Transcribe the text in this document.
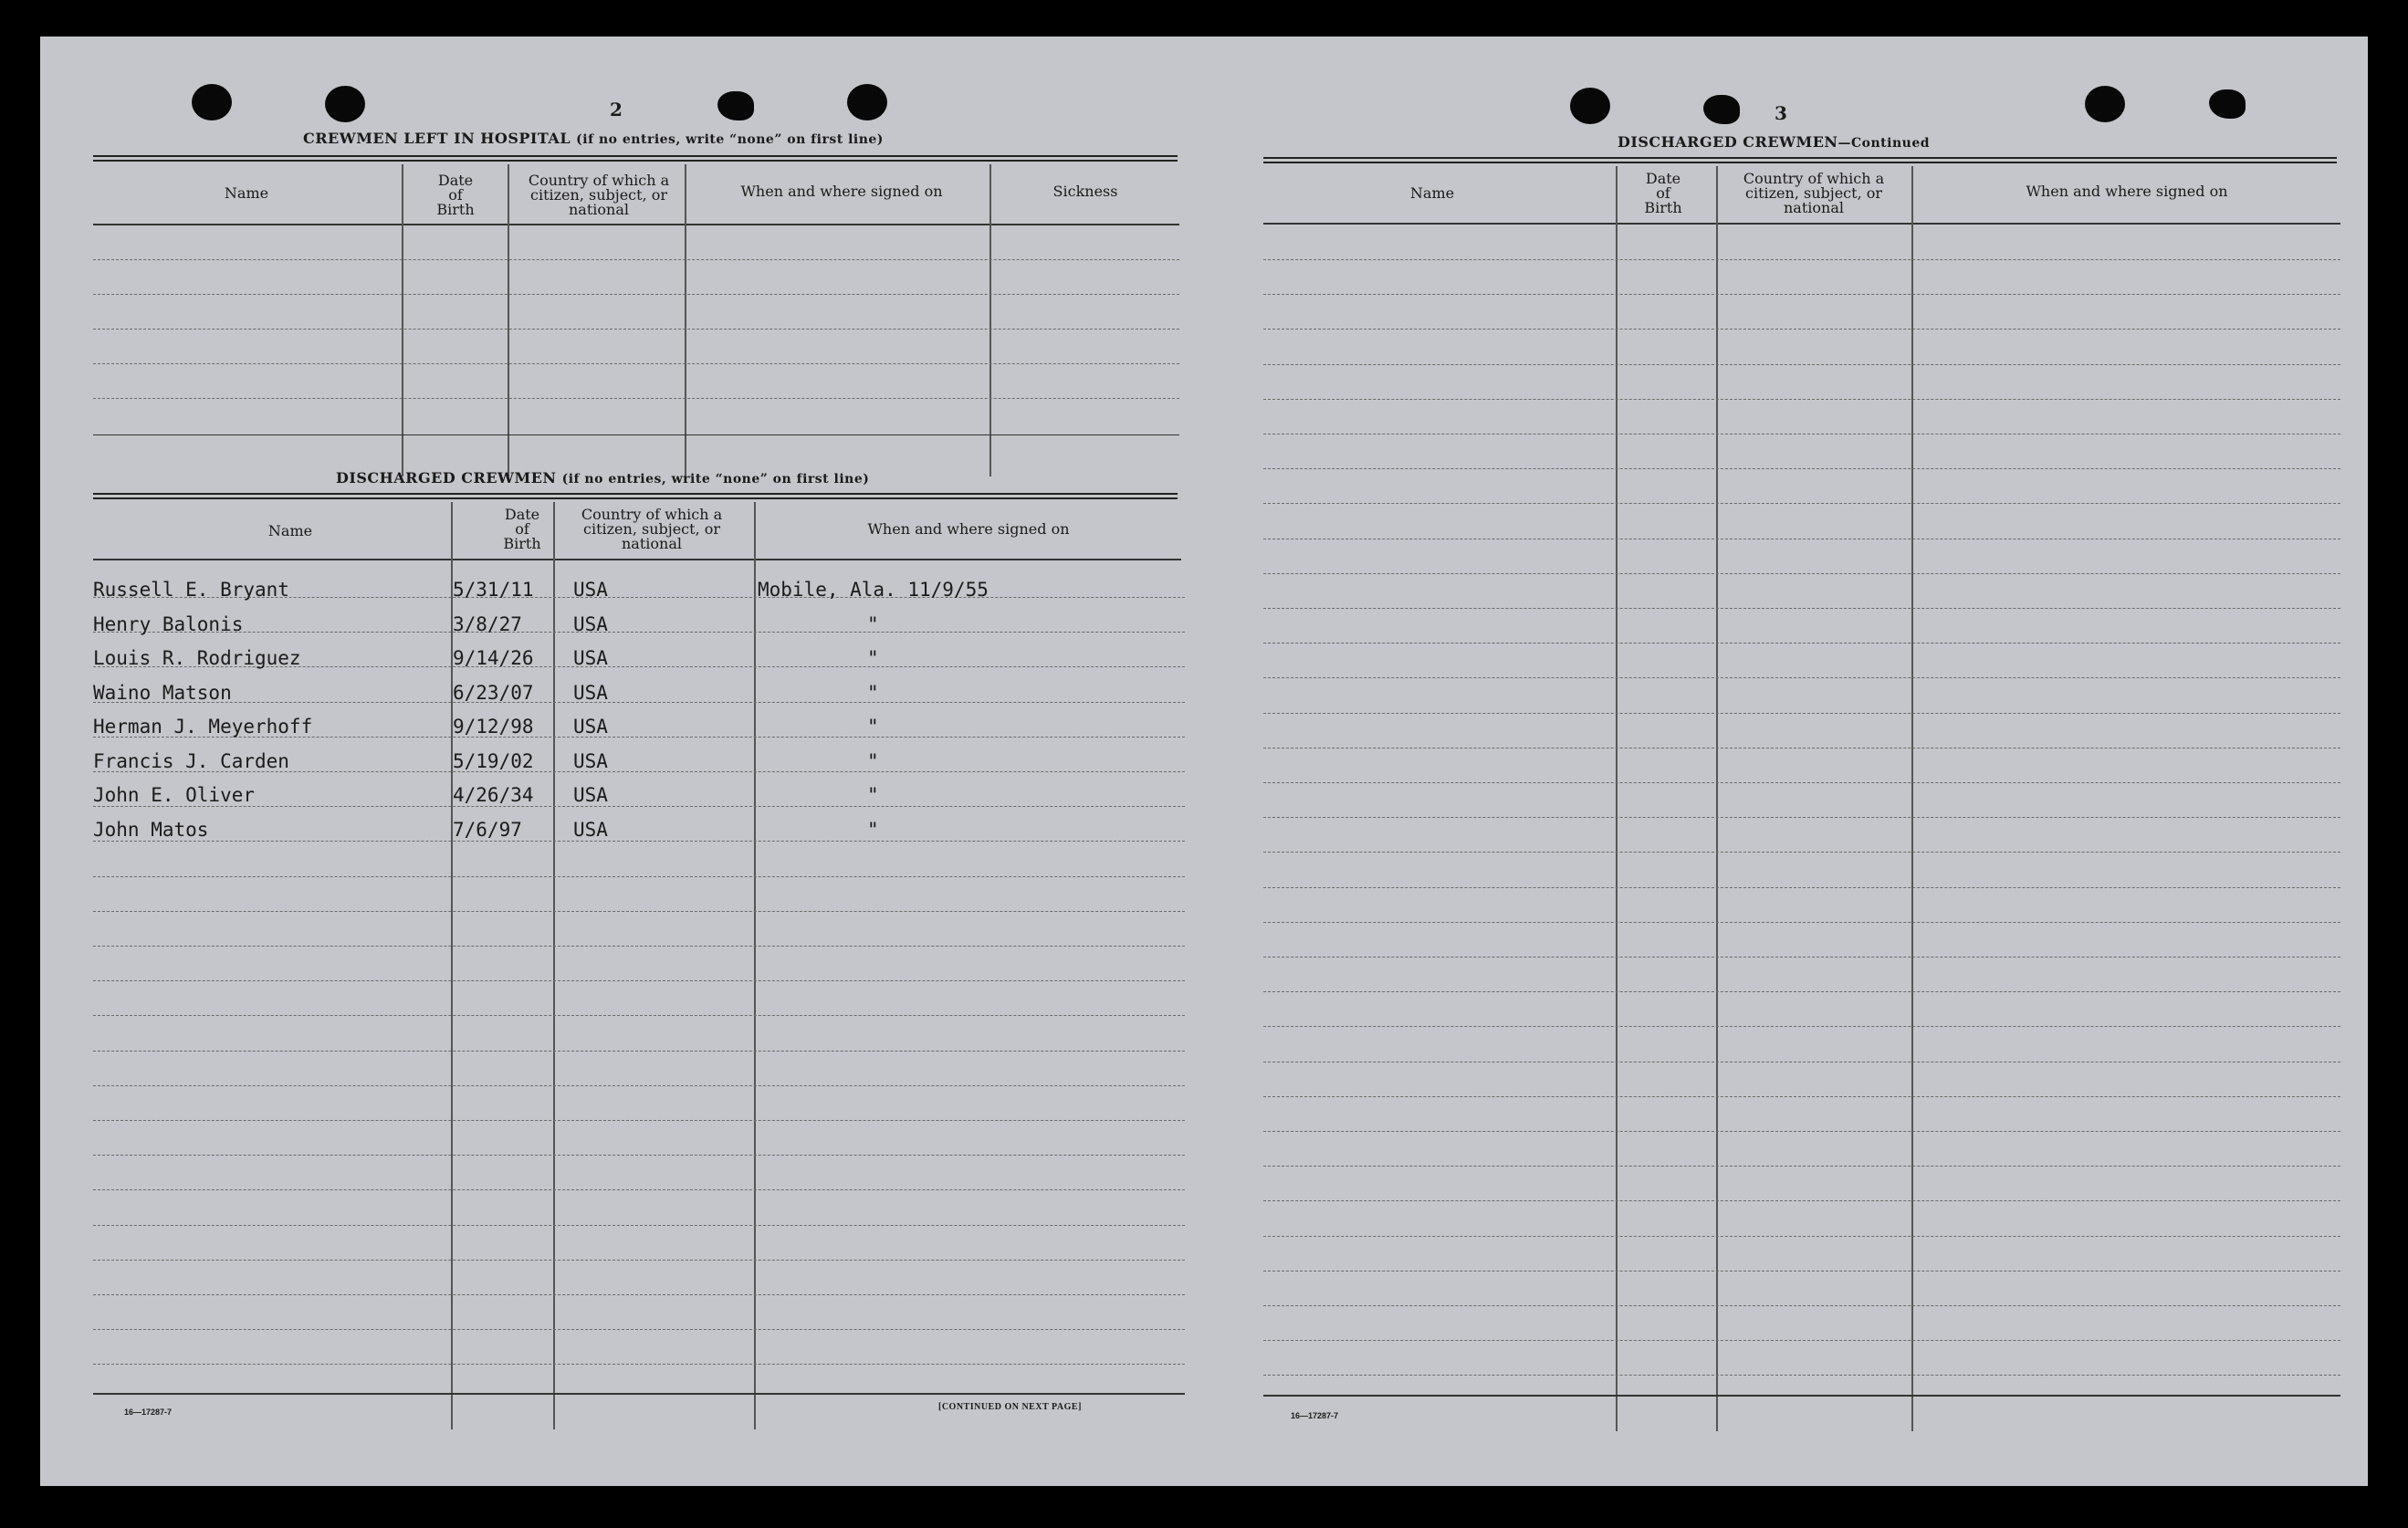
2
CREWMEN LEFT IN HOSPITAL (if no entries, write “none” on first line)
Name
Date
of
Birth
Country of which a
citizen, subject, or
national
When and where signed on	Sickness
DISCHARGED CREWMEN (if no entries, write “none” on first line)
Name
Date
of
Birth
Country of which a
citizen, subject, or
national
When and where signed on
Russell E. Bryant	5/31/11 USA	Mobile, Ala. 11/9/55
Henry Balonis	3/8/27	USA	"
Louis R. Rodriguez	9/14/26 USA	"
Waino Matson	6/23/07 USA	"
Herman J. Meyerhoff	9/12/98 USA	"
Francis J. Carden	5/19/02 USA	"
John E. Oliver	4/26/34 USA	"
John Matos	7/6/97	USA	"
16—17287-7	[CONTINUED ON NEXT PAGE]
3
DISCHARGED CREWMEN—Continued
Name
Date
of
Birth
Country of which a
citizen, subject, or
national
When and where signed on
16—17287-7
